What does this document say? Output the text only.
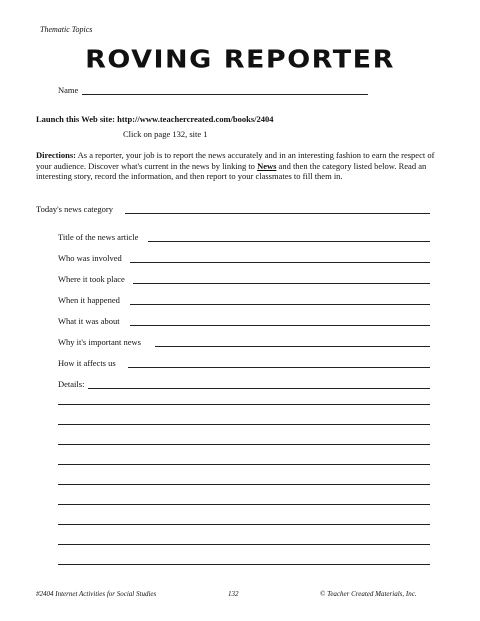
Thematic Topics
ROVING REPORTER
Name
Launch this Web site: http://www.teachercreated.com/books/2404
Click on page 132, site 1
Directions: As a reporter, your job is to report the news accurately and in an interesting fashion to earn the respect of your audience. Discover what's current in the news by linking to News and then the category listed below. Read an interesting story, record the information, and then report to your classmates to fill them in.
Today's news category
Title of the news article
Who was involved
Where it took place
When it happened
What it was about
Why it's important news
How it affects us
Details:
#2404 Internet Activities for Social Studies	132	© Teacher Created Materials, Inc.
